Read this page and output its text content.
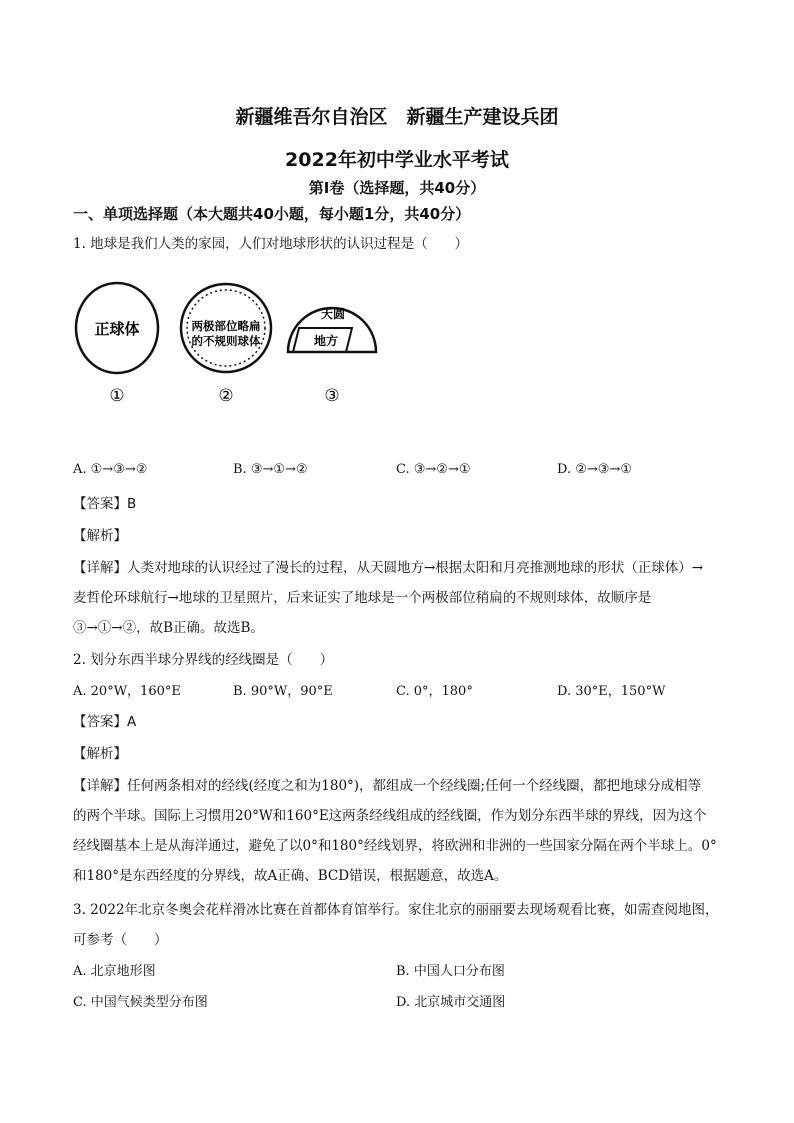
新疆维吾尔自治区　新疆生产建设兵团
2022年初中学业水平考试
第Ⅰ卷（选择题，共40分）
一、单项选择题（本大题共40小题，每小题1分，共40分）
1. 地球是我们人类的家园，人们对地球形状的认识过程是（　　）
正球体	两极部位略扁
的不规则球体
天圆
地方
①	②	③
A. ①→③→②	B. ③→①→②	C. ③→②→①	D. ②→③→①
【答案】B
【解析】
【详解】人类对地球的认识经过了漫长的过程，从天圆地方→根据太阳和月亮推测地球的形状（正球体）→
麦哲伦环球航行→地球的卫星照片，后来证实了地球是一个两极部位稍扁的不规则球体，故顺序是
③→①→②，故B正确。故选B。
2. 划分东西半球分界线的经线圈是（　　）
A. 20°W，160°E	B. 90°W，90°E	C. 0°，180°	D. 30°E，150°W
【答案】A
【解析】
【详解】任何两条相对的经线(经度之和为180°)，都组成一个经线圈;任何一个经线圈，都把地球分成相等
的两个半球。国际上习惯用20°W和160°E这两条经线组成的经线圈，作为划分东西半球的界线，因为这个
经线圈基本上是从海洋通过，避免了以0°和180°经线划界，将欧洲和非洲的一些国家分隔在两个半球上。0°
和180°是东西经度的分界线，故A正确、BCD错误，根据题意，故选A。
3. 2022年北京冬奥会花样滑冰比赛在首都体育馆举行。家住北京的丽丽要去现场观看比赛，如需查阅地图，
可参考（　　）
A. 北京地形图	B. 中国人口分布图
C. 中国气候类型分布图	D. 北京城市交通图
